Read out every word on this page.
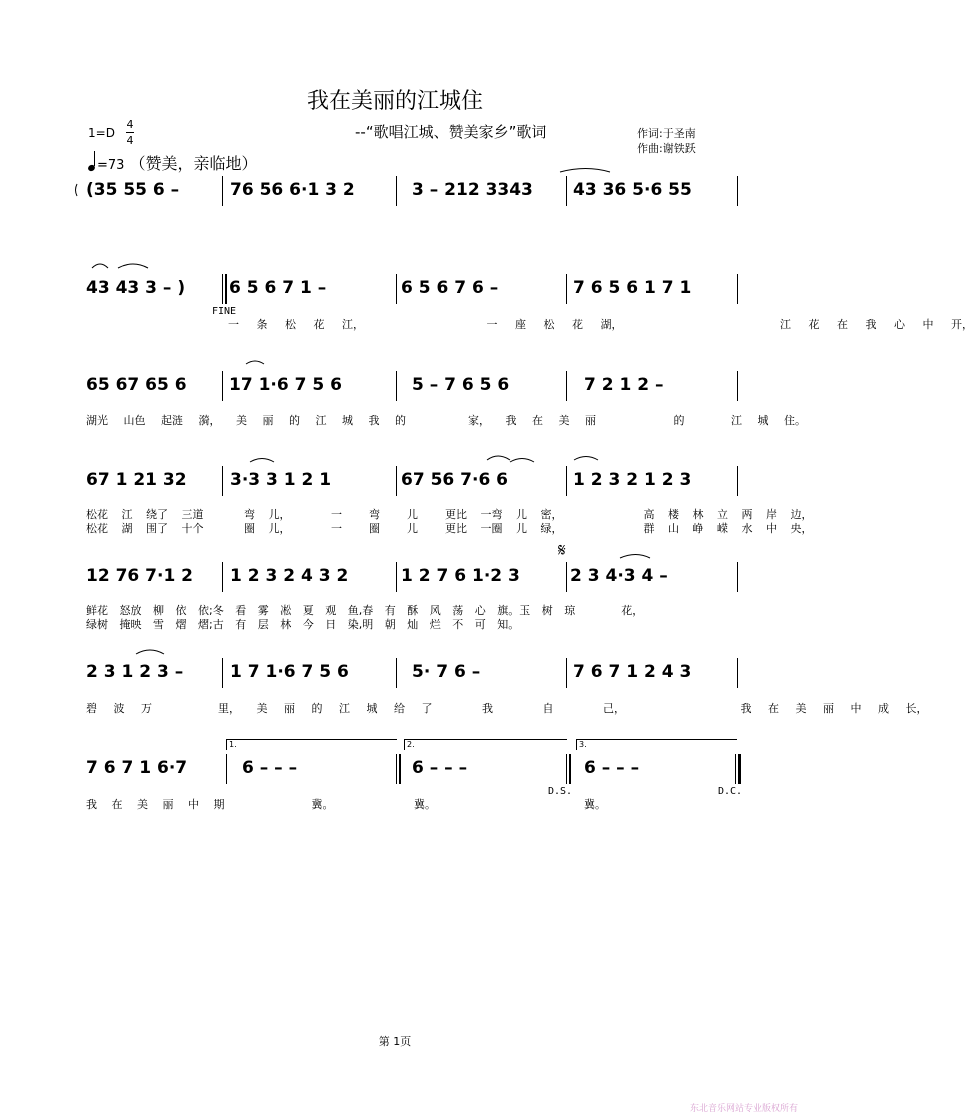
我在美丽的江城住
--“歌唱江城、赞美家乡”歌词	作词:于圣南
作曲:谢铁跃
1=D
4
4
=73 （赞美，亲临地）
(35 55 6 –	76 56 6·1 3 2	3 – 212 3343 43 36 5·6 55
43 43 3 – )	6 5 6 7 1 –	6 5 6 7 6 –	7 6 5 6 1 7 1
65 67 65 6 17 1·6 7 5 6	5 – 7 6 5 6	7 2 1 2 –
67 1 21 32	3·3 3 1 2 1	67 56 7·6 6	1 2 3 2 1 2 3
12 76 7·1 2 1 2 3 2 4 3 2	1 2 7 6 1·2 3	2 3 4·3 4 –
2 3 1 2 3 –	1 7 1·6 7 5 6	5· 7 6 –	7 6 7 1 2 4 3
7 6 7 1 6·7	6 – – –	6 – – –	6 – – –
1.	2.	3.
FINE
D.S.	D.C.
𝄋
一 条 松 花 江，	一 座 松 花 湖，	江 花 在 我 心 中 开，
湖光 山色 起涟 漪， 美 丽 的 江 城 我 的	家， 我 在 美 丽	的	江 城 住。
松花 江 绕了 三道	弯 儿，	一 弯 儿 更比 一弯 儿 密，	高 楼 林 立 两 岸 边，
松花 湖 围了 十个	圈 儿，	一 圈 儿 更比 一圈 儿 绿，	群 山 峥 嵘 水 中 央，
鲜花 怒放 柳 依 依;冬 看 雾 凇 夏 观 鱼,春 有 酥 风 荡 心 旗。玉 树 琼	花，
绿树 掩映 雪 熠 熠;古 有 层 林 今 日 染,明 朝 灿 烂 不 可 知。
碧 波 万	里， 美 丽 的 江 城 给 了	我	自	己，	我 在 美 丽 中 成 长，
我 在 美 丽 中 期	冀。	冀。	冀。
第 1页
东北音乐网站专业版权所有
